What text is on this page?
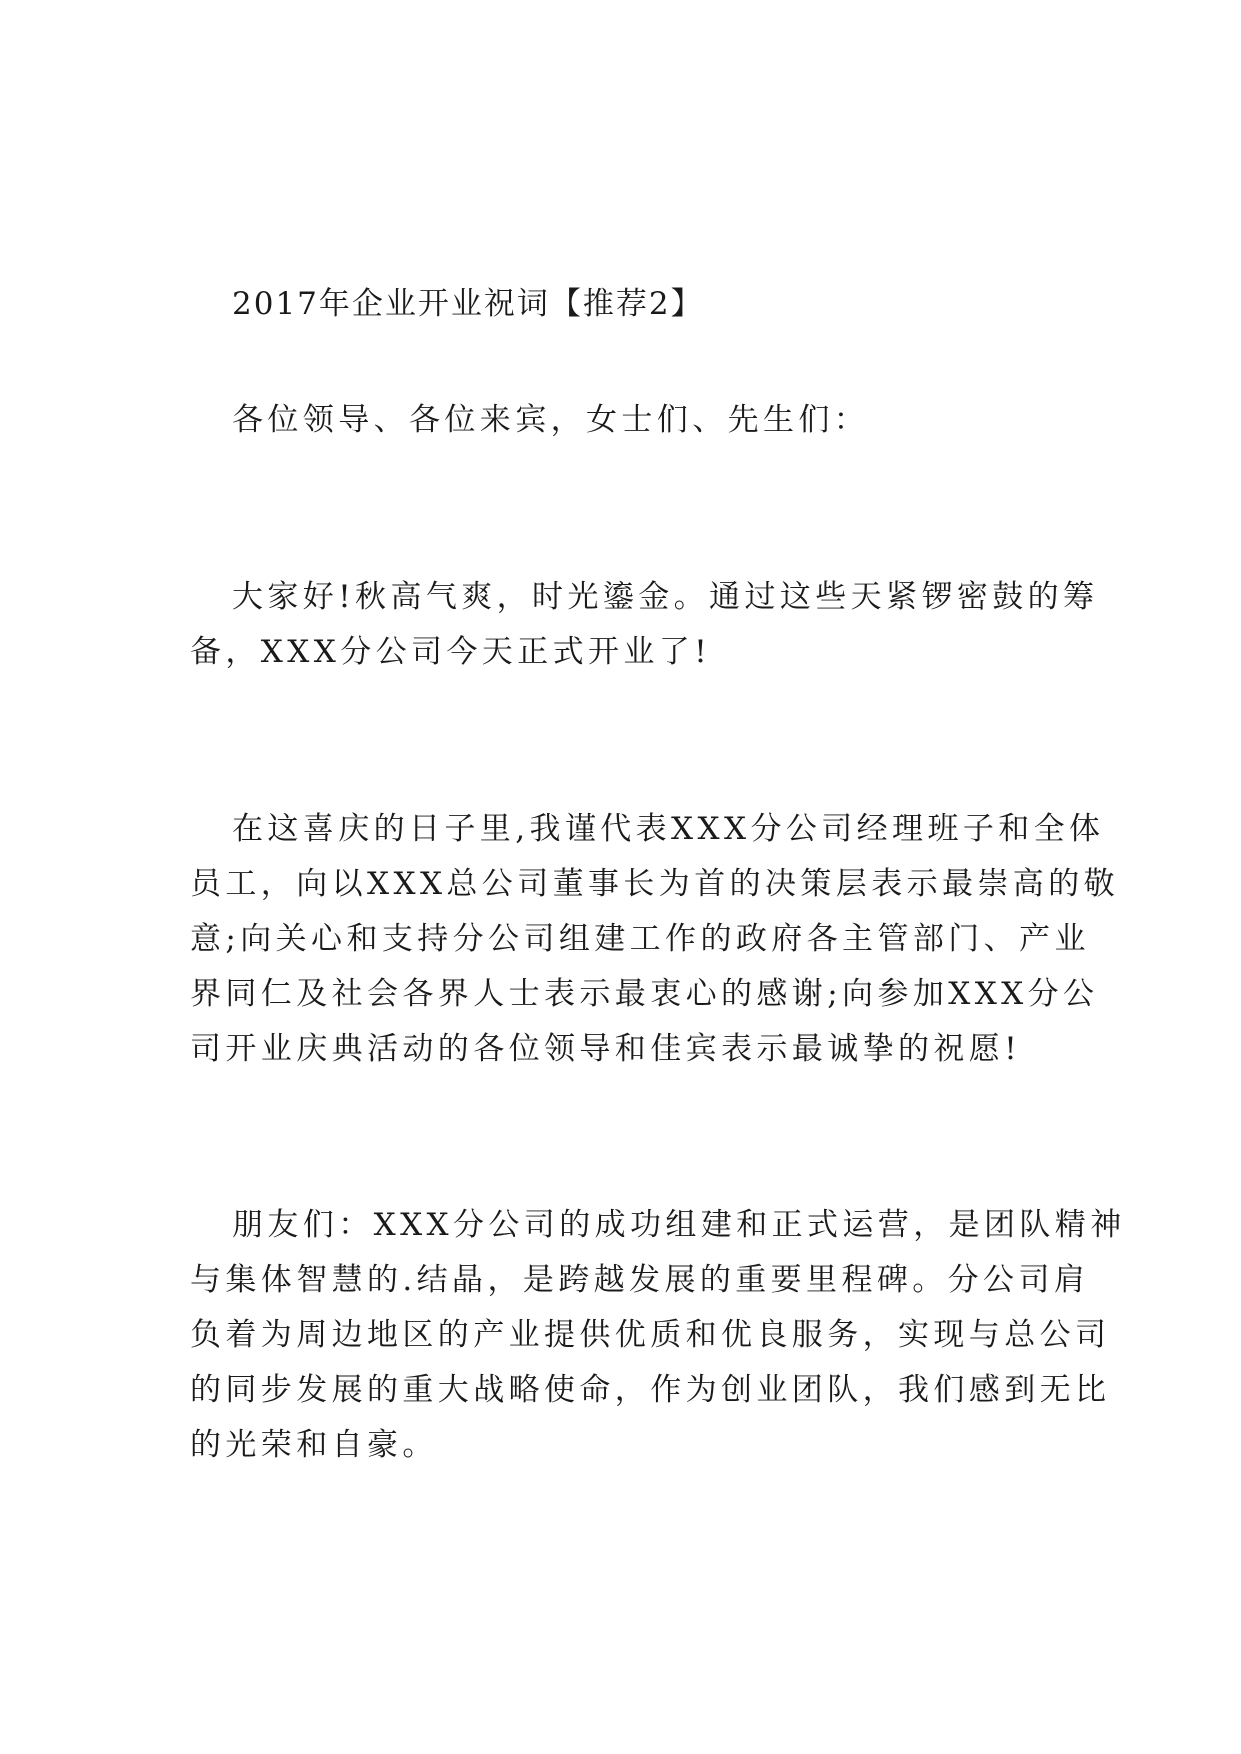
2017年企业开业祝词【推荐2】

各位领导、各位来宾，女士们、先生们：

大家好!秋高气爽，时光鎏金。通过这些天紧锣密鼓的筹

备，XXX分公司今天正式开业了!

在这喜庆的日子里,我谨代表XXX分公司经理班子和全体

员工，向以XXX总公司董事长为首的决策层表示最崇高的敬

意;向关心和支持分公司组建工作的政府各主管部门、产业

界同仁及社会各界人士表示最衷心的感谢;向参加XXX分公

司开业庆典活动的各位领导和佳宾表示最诚挚的祝愿!

朋友们：XXX分公司的成功组建和正式运营，是团队精神

与集体智慧的.结晶，是跨越发展的重要里程碑。分公司肩

负着为周边地区的产业提供优质和优良服务，实现与总公司

的同步发展的重大战略使命，作为创业团队，我们感到无比

的光荣和自豪。
